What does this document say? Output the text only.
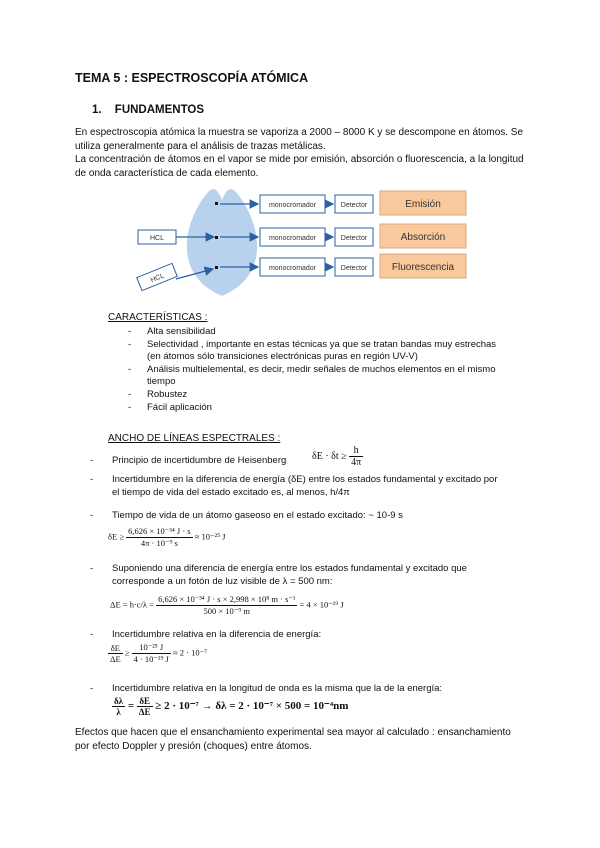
TEMA 5 : ESPECTROSCOPÍA ATÓMICA
1. FUNDAMENTOS
En espectroscopia atómica la muestra se vaporiza a 2000 – 8000 K y se descompone en átomos. Se
utiliza generalmente para el análisis de trazas metálicas.
La concentración de átomos en el vapor se mide por emisión, absorción o fluorescencia, a la longitud
de onda característica de cada elemento.
monocromador	Detector	Emisión
HCL	monocromador	Detector	Absorción
HCL
monocromador	Detector Fluorescencia
CARACTERÍSTICAS :
- Alta sensibilidad
- Selectividad , importante en estas técnicas ya que se tratan bandas muy estrechas
(en átomos sólo transiciones electrónicas puras en región UV-V)
- Análisis multielemental, es decir, medir señales de muchos elementos en el mismo
tiempo
- Robustez
- Fácil aplicación
ANCHO DE LÍNEAS ESPECTRALES :
- Principio de incertidumbre de Heisenberg	$\delta E \cdot \delta t \ge \frac{h}{4\pi}$
- Incertidumbre en la diferencia de energía (δE) entre los estados fundamental y excitado por
el tiempo de vida del estado excitado es, al menos, h/4π
- Tiempo de vida de un átomo gaseoso en el estado excitado: ~ 10-9 s
$\delta E \ge \frac{\text{6,626 × 10⁻³⁴ J · s}}{\text{4π · 10⁻⁹ s}} \approx 10^{-25}$ J
- Suponiendo una diferencia de energía entre los estados fundamental y excitado que
corresponde a un fotón de luz visible de λ = 500 nm:
$\Delta E = h\cdot c/\lambda = \frac{\text{6,626 × 10⁻³⁴ J · s × 2,998 × 10⁸ m · s⁻¹}}{\text{500 × 10⁻⁹ m}} = 4 \times 10^{-19}$ J
- Incertidumbre relativa en la diferencia de energía:
$\frac{\delta E}{\Delta E} \ge \frac{\text{10⁻²⁵ J}}{\text{4 · 10⁻¹⁹ J}} \approx 2 \cdot 10^{-7}$
- Incertidumbre relativa en la longitud de onda es la misma que la de la energía:
$\frac{\delta\lambda}{\lambda} = \frac{\delta E}{\Delta E} \ge 2 \cdot 10^{-7} \to \delta\lambda = 2 \cdot 10^{-7} \times 500 = 10^{-4}nm$
Efectos que hacen que el ensanchamiento experimental sea mayor al calculado : ensanchamiento
por efecto Doppler y presión (choques) entre átomos.
